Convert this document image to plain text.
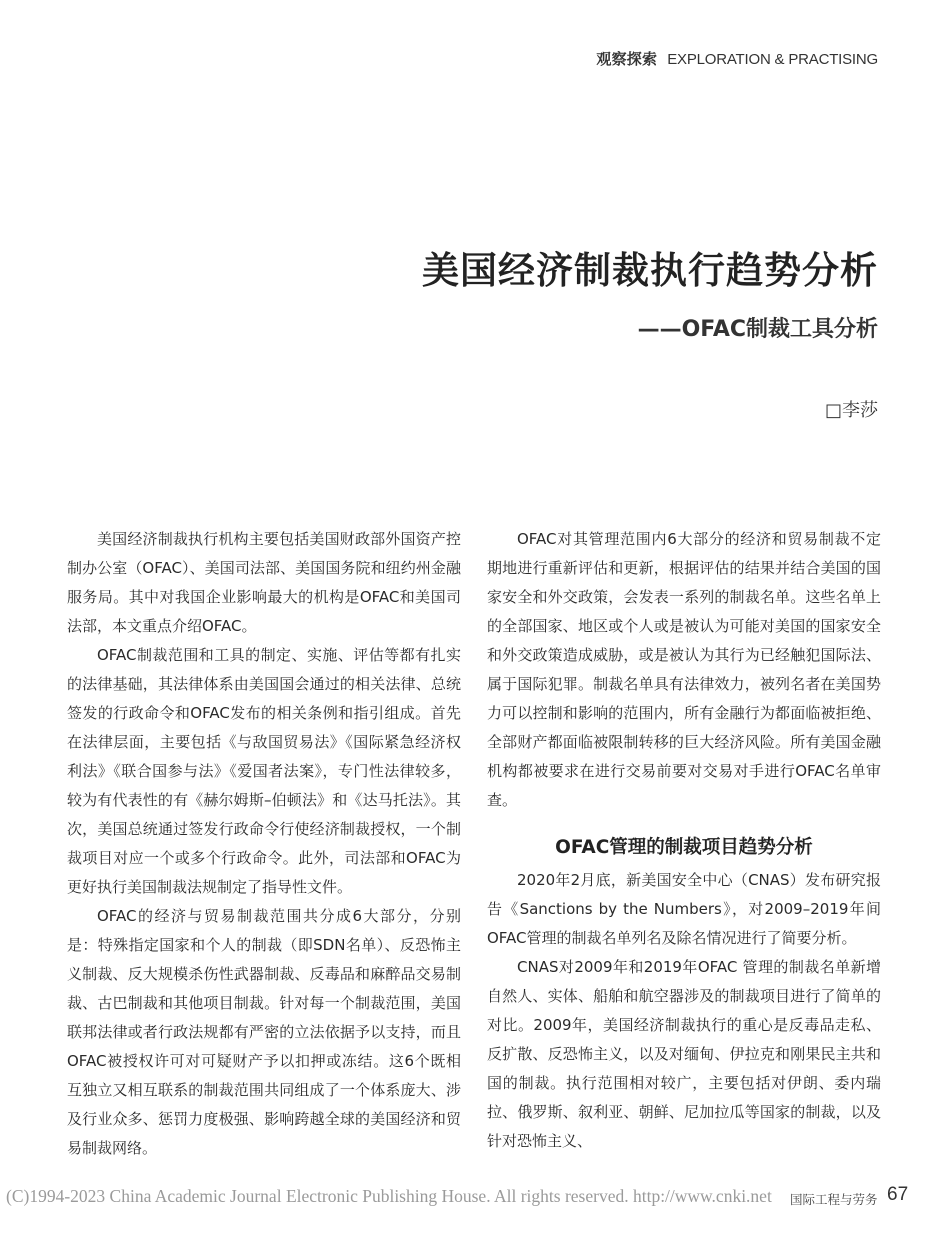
观察探索 EXPLORATION & PRACTISING
美国经济制裁执行趋势分析
——OFAC制裁工具分析
□李莎

美国经济制裁执行机构主要包括美国财政部外国资产控制办公室（OFAC）、美国司法部、美国国务院和纽约州金融服务局。其中对我国企业影响最大的机构是OFAC和美国司法部，本文重点介绍OFAC。

OFAC制裁范围和工具的制定、实施、评估等都有扎实的法律基础，其法律体系由美国国会通过的相关法律、总统签发的行政命令和OFAC发布的相关条例和指引组成。首先在法律层面，主要包括《与敌国贸易法》《国际紧急经济权利法》《联合国参与法》《爱国者法案》，专门性法律较多，较为有代表性的有《赫尔姆斯–伯顿法》和《达马托法》。其次，美国总统通过签发行政命令行使经济制裁授权，一个制裁项目对应一个或多个行政命令。此外，司法部和OFAC为更好执行美国制裁法规制定了指导性文件。

OFAC的经济与贸易制裁范围共分成6大部分，分别是：特殊指定国家和个人的制裁（即SDN名单）、反恐怖主义制裁、反大规模杀伤性武器制裁、反毒品和麻醉品交易制裁、古巴制裁和其他项目制裁。针对每一个制裁范围，美国联邦法律或者行政法规都有严密的立法依据予以支持，而且OFAC被授权许可对可疑财产予以扣押或冻结。这6个既相互独立又相互联系的制裁范围共同组成了一个体系庞大、涉及行业众多、惩罚力度极强、影响跨越全球的美国经济和贸易制裁网络。

OFAC对其管理范围内6大部分的经济和贸易制裁不定期地进行重新评估和更新，根据评估的结果并结合美国的国家安全和外交政策，会发表一系列的制裁名单。这些名单上的全部国家、地区或个人或是被认为可能对美国的国家安全和外交政策造成威胁，或是被认为其行为已经触犯国际法、属于国际犯罪。制裁名单具有法律效力，被列名者在美国势力可以控制和影响的范围内，所有金融行为都面临被拒绝、全部财产都面临被限制转移的巨大经济风险。所有美国金融机构都被要求在进行交易前要对交易对手进行OFAC名单审查。

OFAC管理的制裁项目趋势分析

2020年2月底，新美国安全中心（CNAS）发布研究报告《Sanctions by the Numbers》，对2009–2019年间OFAC管理的制裁名单列名及除名情况进行了简要分析。

CNAS对2009年和2019年OFAC 管理的制裁名单新增自然人、实体、船舶和航空器涉及的制裁项目进行了简单的对比。2009年，美国经济制裁执行的重心是反毒品走私、反扩散、反恐怖主义，以及对缅甸、伊拉克和刚果民主共和国的制裁。执行范围相对较广，主要包括对伊朗、委内瑞拉、俄罗斯、叙利亚、朝鲜、尼加拉瓜等国家的制裁，以及针对恐怖主义、

(C)1994-2023 China Academic Journal Electronic Publishing House. All rights reserved. http://www.cnki.net 国际工程与劳务 67
